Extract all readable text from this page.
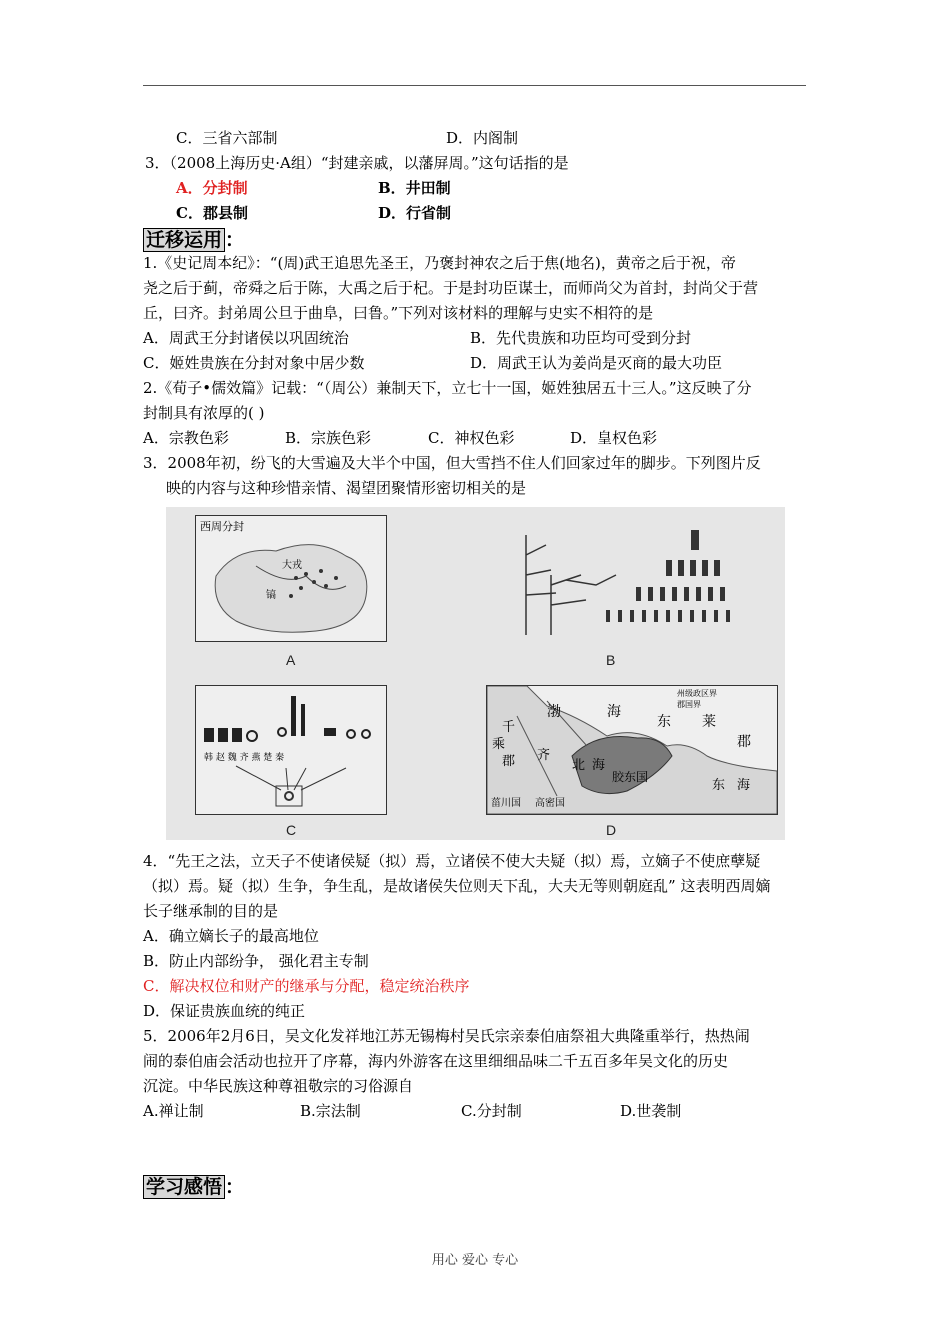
C．三省六部制	D．内阁制
3．（2008上海历史·A组）“封建亲戚，以藩屏周。”这句话指的是
A．分封制	B．井田制
C．郡县制	D．行省制
迁移运用 ：
1.《史记周本纪》：“(周)武王追思先圣王，乃褒封神农之后于焦(地名)，黄帝之后于祝，帝
尧之后于蓟，帝舜之后于陈，大禹之后于杞。于是封功臣谋士，而师尚父为首封，封尚父于营
丘，曰齐。封弟周公旦于曲阜，曰鲁。”下列对该材料的理解与史实不相符的是
A．周武王分封诸侯以巩固统治	B．先代贵族和功臣均可受到分封
C．姬姓贵族在分封对象中居少数	D．周武王认为姜尚是灭商的最大功臣
2.《荀子•儒效篇》记载：“（周公）兼制天下，立七十一国，姬姓独居五十三人。”这反映了分
封制具有浓厚的( )
A．宗教色彩	B．宗族色彩	C．神权色彩	D．皇权色彩
3．2008年初，纷飞的大雪遍及大半个中国，但大雪挡不住人们回家过年的脚步。下列图片反
映的内容与这种珍惜亲情、渴望团聚情形密切相关的是
西周分封
大戎
镐
A	B
韩 赵 魏 齐 燕 楚 秦
C
州级政区界
郡国界
渤	海
东 莱
郡
千
乘
郡 齐
北 海
胶东国
东 海
菑川国 高密国
D
4．“先王之法，立天子不使诸侯疑（拟）焉，立诸侯不使大夫疑（拟）焉，立嫡子不使庶孽疑
（拟）焉。疑（拟）生争，争生乱，是故诸侯失位则天下乱，大夫无等则朝庭乱” 这表明西周嫡
长子继承制的目的是
A．确立嫡长子的最高地位
B．防止内部纷争， 强化君主专制
C．解决权位和财产的继承与分配，稳定统治秩序
D．保证贵族血统的纯正
5．2006年2月6日，吴文化发祥地江苏无锡梅村吴氏宗亲泰伯庙祭祖大典隆重举行，热热闹
闹的泰伯庙会活动也拉开了序幕，海内外游客在这里细细品味二千五百多年吴文化的历史
沉淀。中华民族这种尊祖敬宗的习俗源自
A.禅让制	B.宗法制	C.分封制	D.世袭制
学习感悟 ：
用心 爱心 专心
